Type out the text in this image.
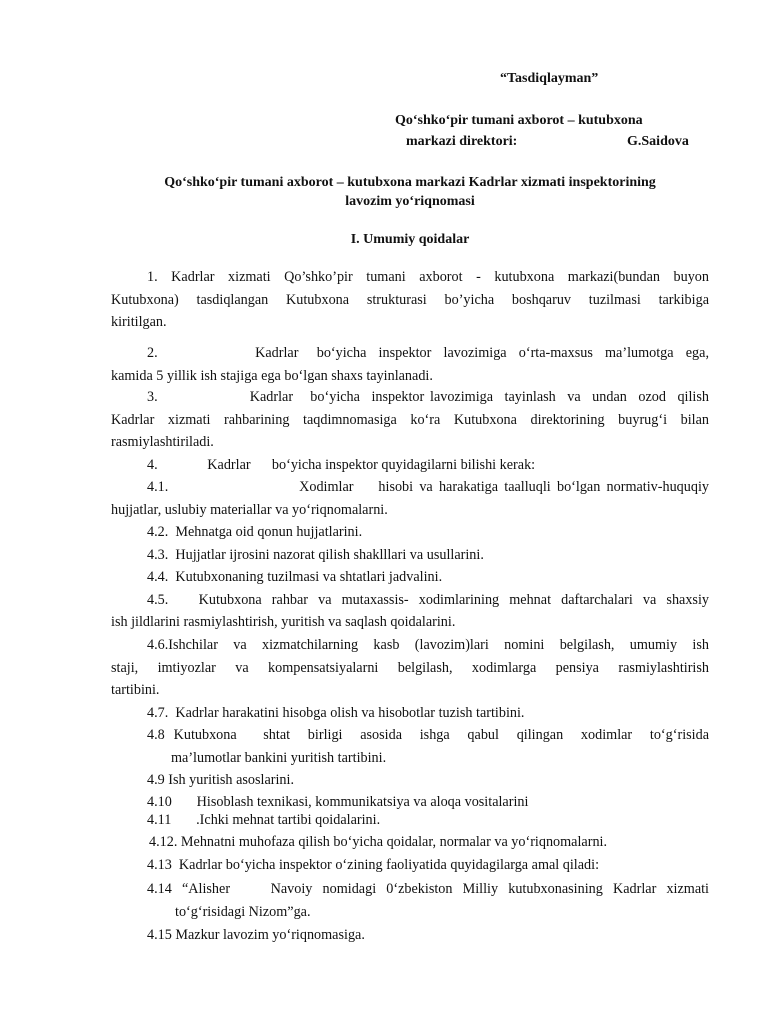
“Tasdiqlayman”
Qo‘shko‘pir tumani axborot – kutubxona
markazi direktori:	G.Saidova
Qo‘shko‘pir tumani axborot – kutubxona markazi Kadrlar xizmati inspektorining
lavozim yo‘riqnomasi
I. Umumiy qoidalar
1. Kadrlar xizmati Qo’shko’pir tumani axborot - kutubxona markazi(bundan buyon
Kutubxona) tasdiqlangan Kutubxona strukturasi bo’yicha boshqaruv tuzilmasi tarkibiga
kiritilgan.
2.                Kadrlar   bo‘yicha  inspektor  lavozimiga  o‘rta-maxsus  ma’lumotga  ega,
kamida 5 yillik ish stajiga ega bo‘lgan shaxs tayinlanadi.
3.                Kadrlar   bo‘yicha  inspektor lavozimiga  tayinlash  va  undan  ozod  qilish
Kadrlar xizmati rahbarining taqdimnomasiga ko‘ra Kutubxona direktorining buyrug‘i bilan
rasmiylashtiriladi.
4.              Kadrlar      bo‘yicha inspektor quyidagilarni bilishi kerak:
4.1.                     Xodimlar    hisobi va harakatiga taalluqli bo‘lgan normativ-huquqiy
hujjatlar, uslubiy materiallar va yo‘riqnomalarni.
4.2.  Mehnatga oid qonun hujjatlarini.
4.3.  Hujjatlar ijrosini nazorat qilish shaklllari va usullarini.
4.4.  Kutubxonaning tuzilmasi va shtatlari jadvalini.
4.5.   Kutubxona rahbar va mutaxassis- xodimlarining mehnat daftarchalari va shaxsiy
ish jildlarini rasmiylashtirish, yuritish va saqlash qoidalarini.
4.6.Ishchilar va xizmatchilarning kasb (lavozim)lari nomini belgilash, umumiy ish
staji, imtiyozlar va kompensatsiyalarni belgilash, xodimlarga pensiya rasmiylashtirish
tartibini.
4.7.  Kadrlar harakatini hisobga olish va hisobotlar tuzish tartibini.
4.8 Kutubxona   shtat  birligi  asosida  ishga  qabul  qilingan  xodimlar  to‘g‘risida
ma’lumotlar bankini yuritish tartibini.
4.9 Ish yuritish asoslarini.
4.10       Hisoblash texnikasi, kommunikatsiya va aloqa vositalarini
4.11       .Ichki mehnat tartibi qoidalarini.
4.12. Mehnatni muhofaza qilish bo‘yicha qoidalar, normalar va yo‘riqnomalarni.
4.13  Kadrlar bo‘yicha inspektor o‘zining faoliyatida quyidagilarga amal qiladi:
4.14 “Alisher    Navoiy nomidagi 0‘zbekiston Milliy kutubxonasining Kadrlar xizmati
to‘g‘risidagi Nizom”ga.
4.15 Mazkur lavozim yo‘riqnomasiga.
